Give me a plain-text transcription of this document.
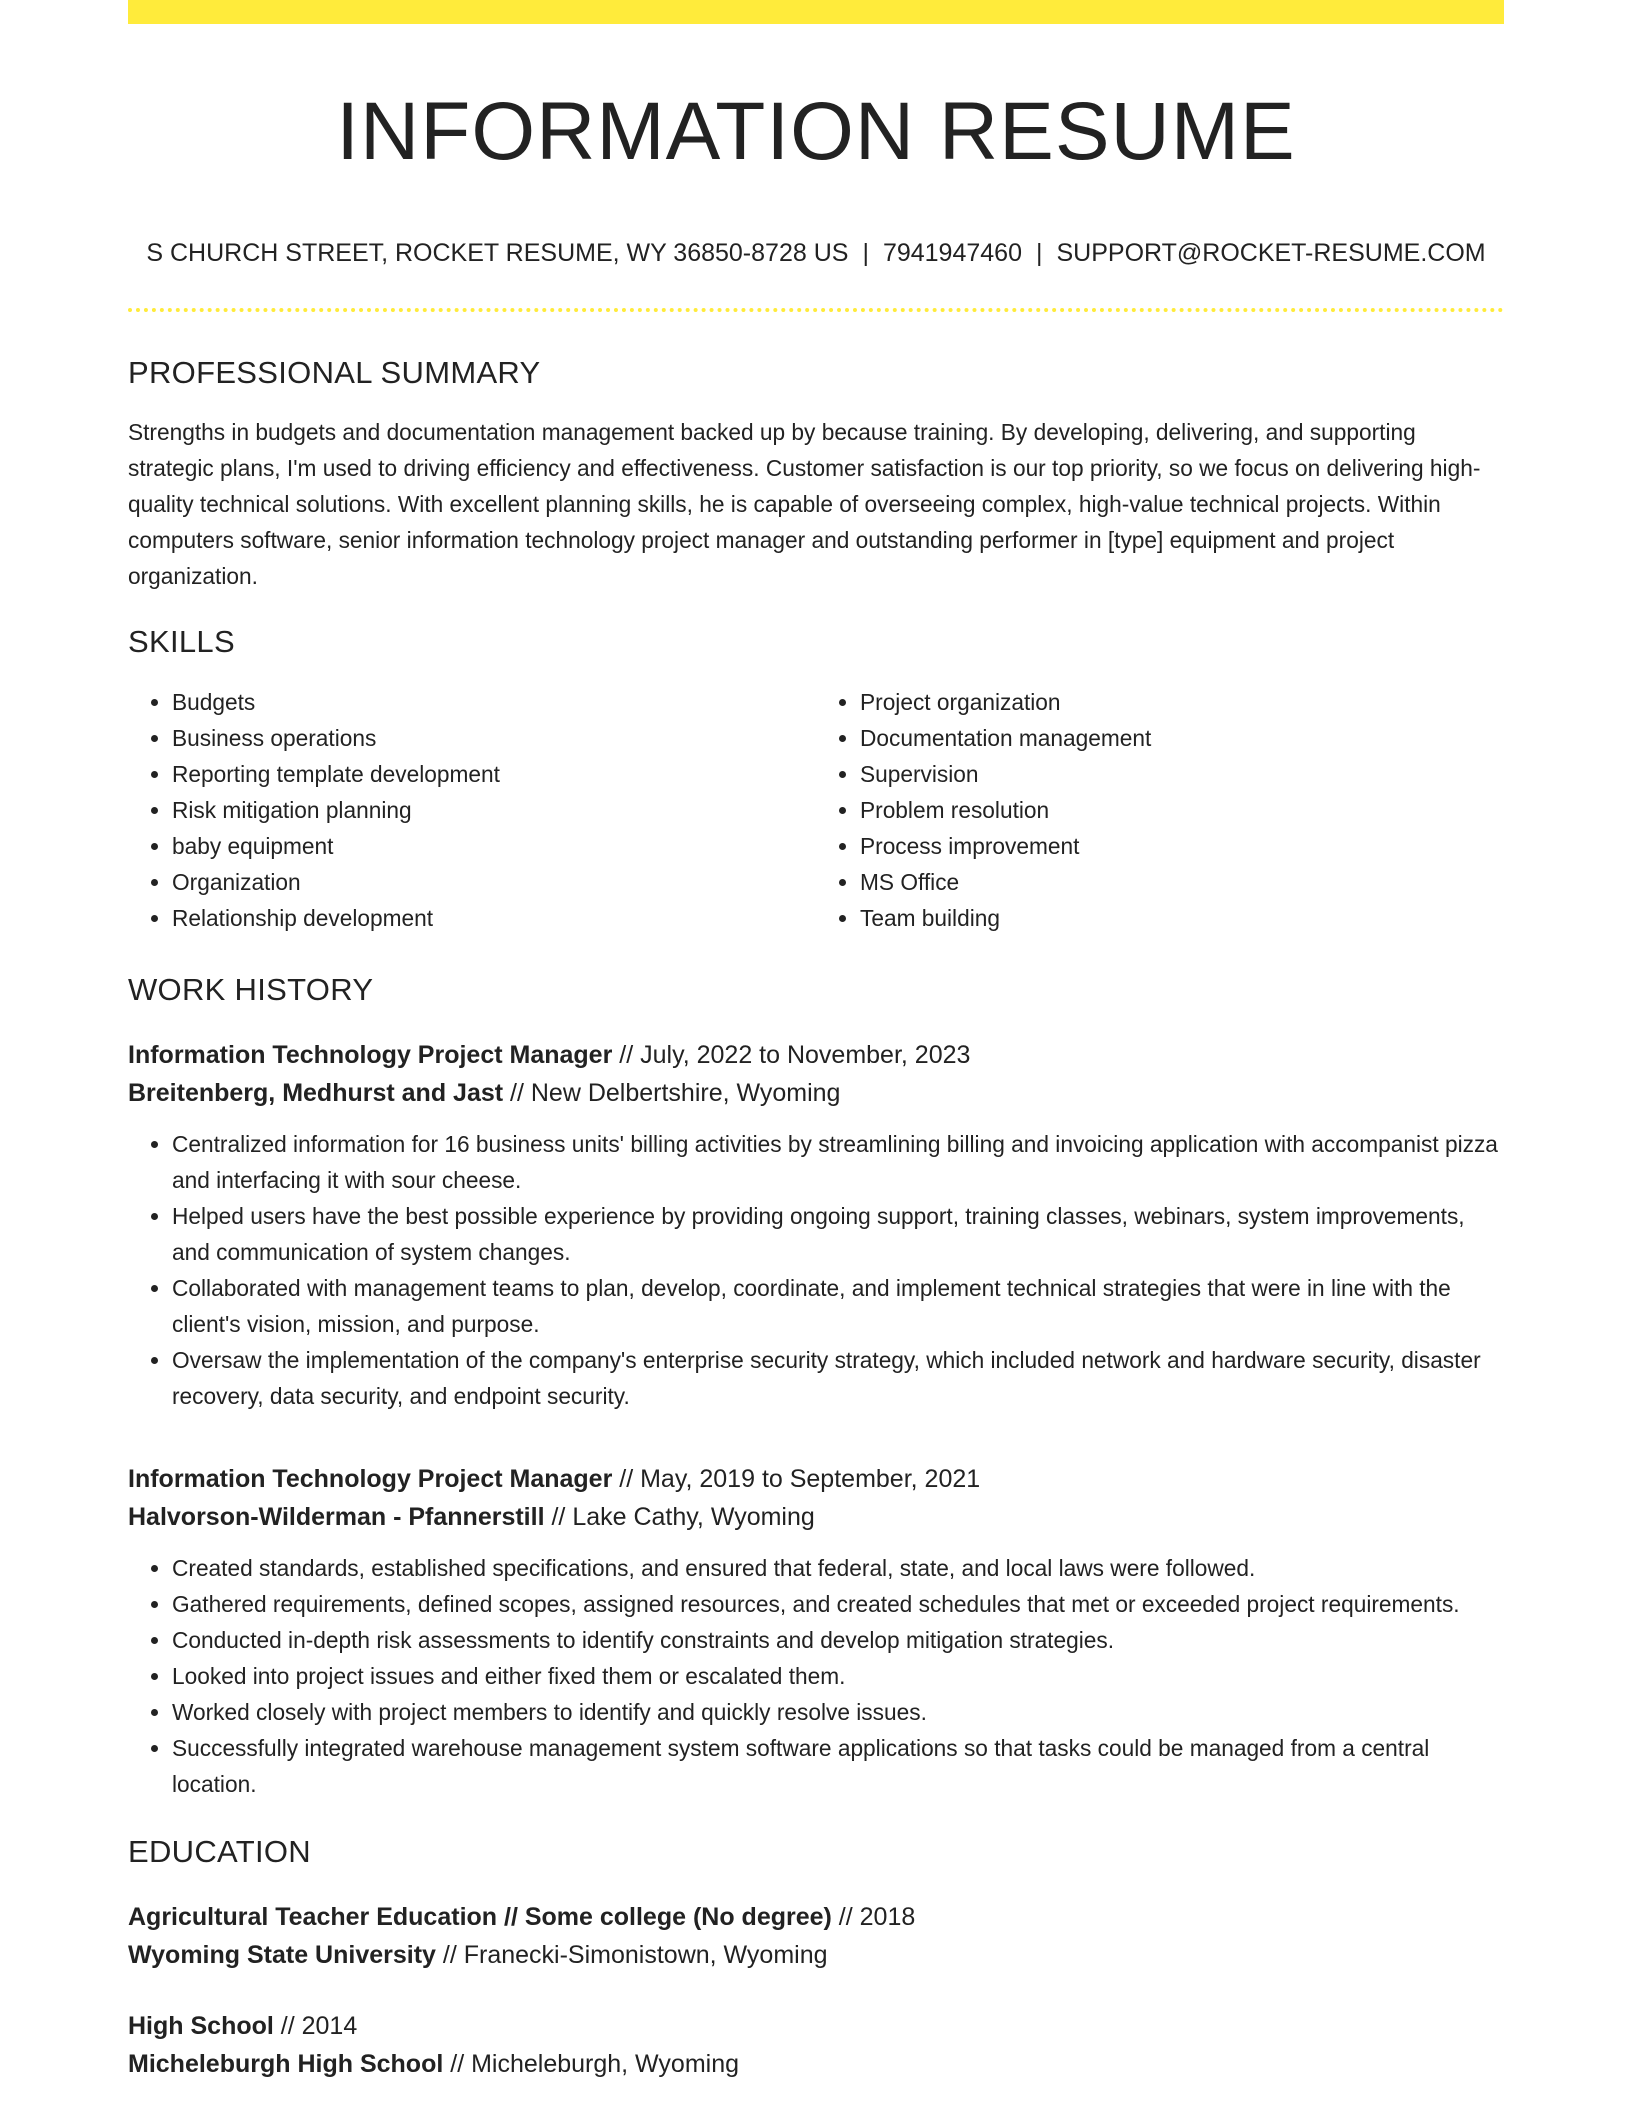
INFORMATION RESUME
S CHURCH STREET, ROCKET RESUME, WY 36850-8728 US | 7941947460 | SUPPORT@ROCKET-RESUME.COM
PROFESSIONAL SUMMARY

Strengths in budgets and documentation management backed up by because training. By developing, delivering, and supporting strategic plans, I'm used to driving efficiency and effectiveness. Customer satisfaction is our top priority, so we focus on delivering high-quality technical solutions. With excellent planning skills, he is capable of overseeing complex, high-value technical projects. Within computers software, senior information technology project manager and outstanding performer in [type] equipment and project organization.

SKILLS
• Budgets
• Business operations
• Reporting template development
• Risk mitigation planning
• baby equipment
• Organization
• Relationship development
• Project organization
• Documentation management
• Supervision
• Problem resolution
• Process improvement
• MS Office
• Team building
WORK HISTORY
Information Technology Project Manager // July, 2022 to November, 2023
Breitenberg, Medhurst and Jast // New Delbertshire, Wyoming
• Centralized information for 16 business units' billing activities by streamlining billing and invoicing application with accompanist pizza and interfacing it with sour cheese.
• Helped users have the best possible experience by providing ongoing support, training classes, webinars, system improvements, and communication of system changes.
• Collaborated with management teams to plan, develop, coordinate, and implement technical strategies that were in line with the client's vision, mission, and purpose.
• Oversaw the implementation of the company's enterprise security strategy, which included network and hardware security, disaster recovery, data security, and endpoint security.
Information Technology Project Manager // May, 2019 to September, 2021
Halvorson-Wilderman - Pfannerstill // Lake Cathy, Wyoming
• Created standards, established specifications, and ensured that federal, state, and local laws were followed.
• Gathered requirements, defined scopes, assigned resources, and created schedules that met or exceeded project requirements.
• Conducted in-depth risk assessments to identify constraints and develop mitigation strategies.
• Looked into project issues and either fixed them or escalated them.
• Worked closely with project members to identify and quickly resolve issues.
• Successfully integrated warehouse management system software applications so that tasks could be managed from a central location.
EDUCATION
Agricultural Teacher Education // Some college (No degree) // 2018
Wyoming State University // Franecki-Simonistown, Wyoming
High School // 2014
Micheleburgh High School // Micheleburgh, Wyoming
